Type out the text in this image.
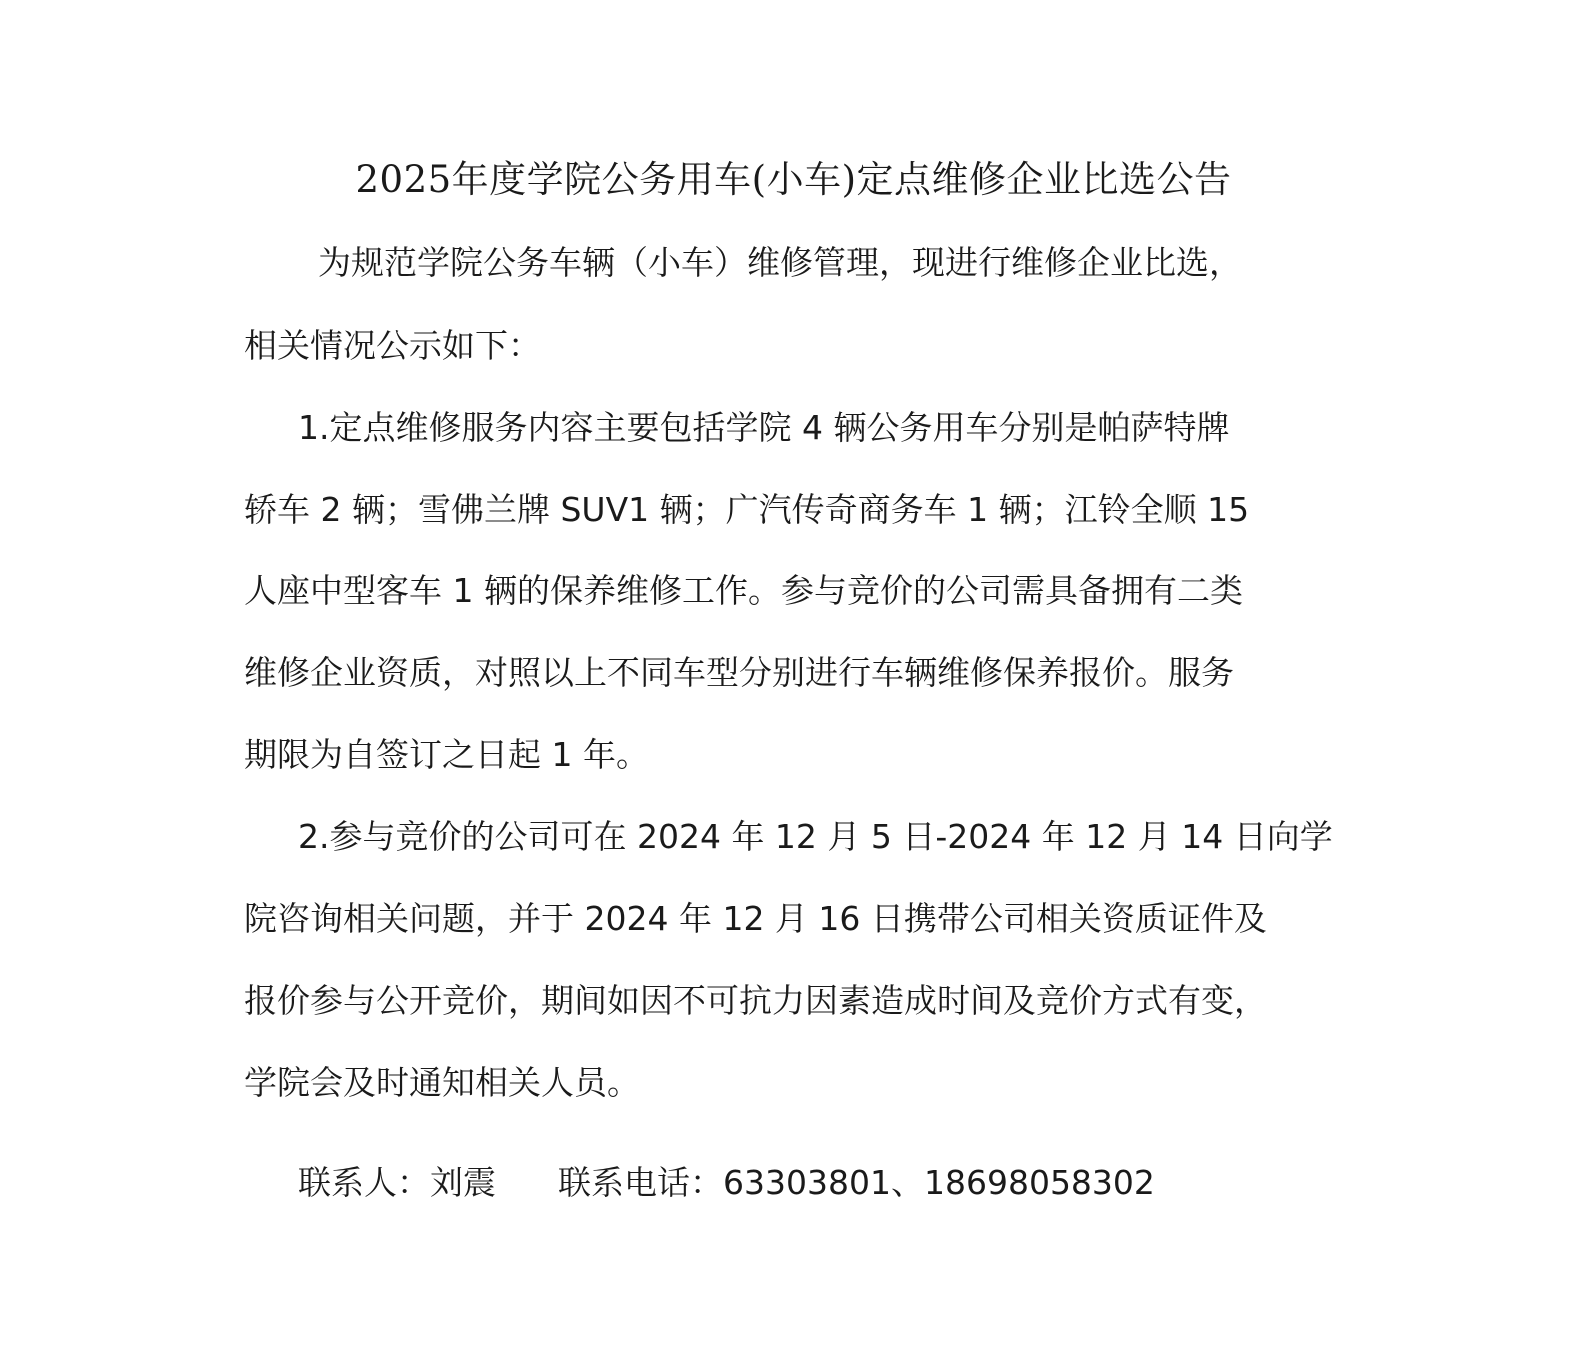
2025年度学院公务用车(小车)定点维修企业比选公告

为规范学院公务车辆（小车）维修管理，现进行维修企业比选，

相关情况公示如下：

1.定点维修服务内容主要包括学院 4 辆公务用车分别是帕萨特牌

轿车 2 辆；雪佛兰牌 SUV1 辆；广汽传奇商务车 1 辆；江铃全顺 15

人座中型客车 1 辆的保养维修工作。参与竞价的公司需具备拥有二类

维修企业资质，对照以上不同车型分别进行车辆维修保养报价。服务

期限为自签订之日起 1 年。

2.参与竞价的公司可在 2024 年 12 月 5 日-2024 年 12 月 14 日向学

院咨询相关问题，并于 2024 年 12 月 16 日携带公司相关资质证件及

报价参与公开竞价，期间如因不可抗力因素造成时间及竞价方式有变，

学院会及时通知相关人员。

联系人：刘震 联系电话：63303801、18698058302
